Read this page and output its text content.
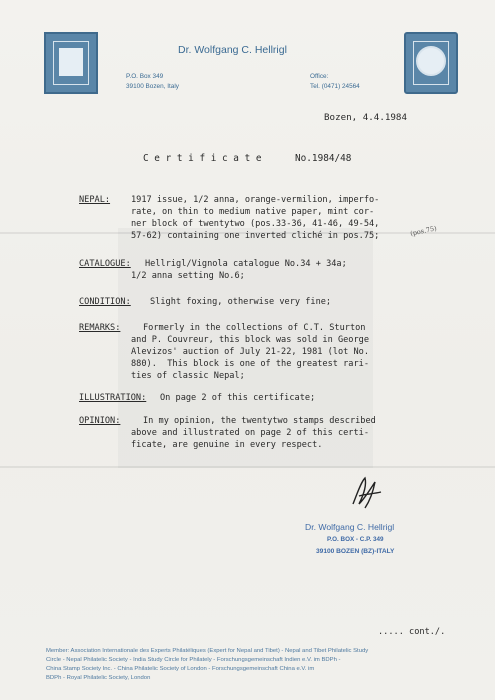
Dr. Wolfgang C. Hellrigl
P.O. Box 349
39100 Bozen, Italy
Office:
Tel. (0471) 24564
Bozen, 4.4.1984
C e r t i f i c a t e	No.1984/48
NEPAL: 1917 issue, 1/2 anna, orange-vermilion, imperfo-
rate, on thin to medium native paper, mint cor-
ner block of twentytwo (pos.33-36, 41-46, 49-54,
57-62) containing one inverted cliché in pos.75;	(pos.75)
CATALOGUE: Hellrigl/Vignola catalogue No.34 + 34a;
1/2 anna setting No.6;
CONDITION: Slight foxing, otherwise very fine;
REMARKS:	Formerly in the collections of C.T. Sturton
and P. Couvreur, this block was sold in George
Alevizos' auction of July 21-22, 1981 (lot No.
880).  This block is one of the greatest rari-
ties of classic Nepal;
ILLUSTRATION: On page 2 of this certificate;
OPINION:	In my opinion, the twentytwo stamps described
above and illustrated on page 2 of this certi-
ficate, are genuine in every respect.
Dr. Wolfgang C. Hellrigl
P.O. BOX - C.P. 349
39100 BOZEN (BZ)-ITALY
..... cont./.
Member: Association Internationale des Experts Philatéliques (Expert for Nepal and Tibet) - Nepal and Tibet Philatelic Study
Circle - Nepal Philatelic Society - India Study Circle for Philately - Forschungsgemeinschaft Indien e.V. im BDPh -
China Stamp Society Inc. - China Philatelic Society of London - Forschungsgemeinschaft China e.V. im
BDPh - Royal Philatelic Society, London
